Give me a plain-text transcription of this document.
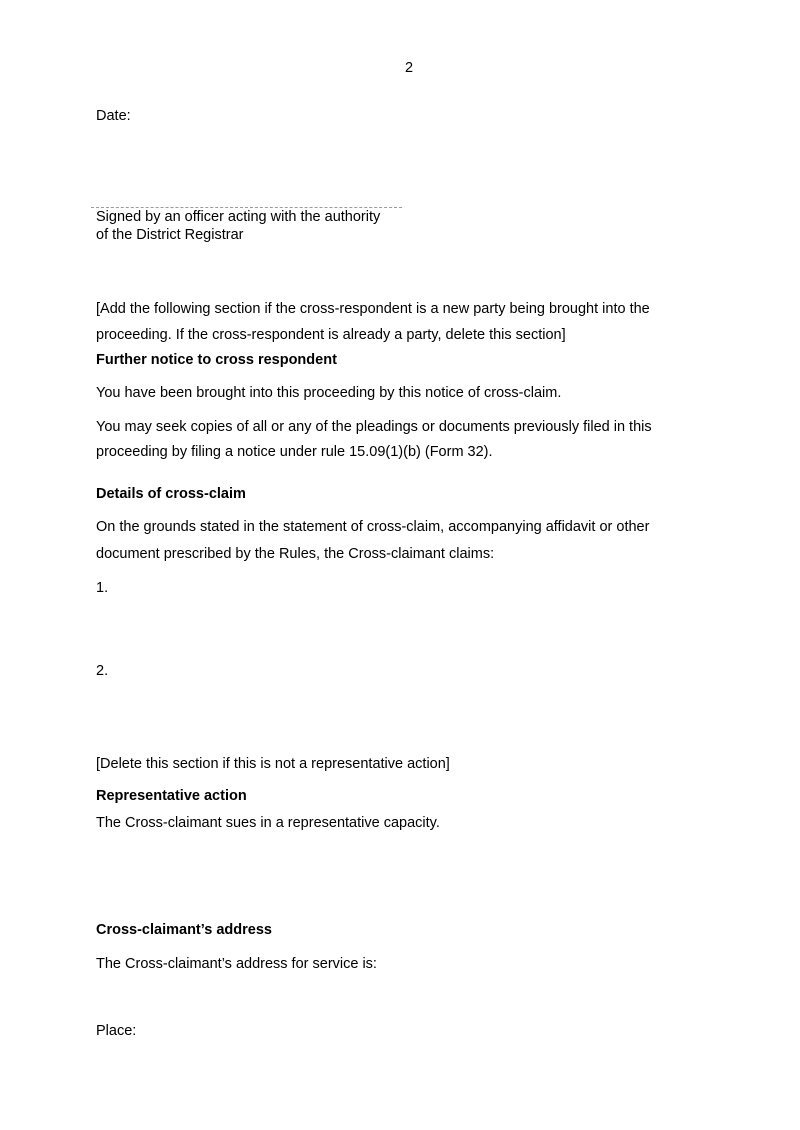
2
Date:
Signed by an officer acting with the authority
of the District Registrar
[Add the following section if the cross-respondent is a new party being brought into the
proceeding. If the cross-respondent is already a party, delete this section]
Further notice to cross respondent
You have been brought into this proceeding by this notice of cross-claim.
You may seek copies of all or any of the pleadings or documents previously filed in this
proceeding by filing a notice under rule 15.09(1)(b) (Form 32).
Details of cross-claim
On the grounds stated in the statement of cross-claim, accompanying affidavit or other
document prescribed by the Rules, the Cross-claimant claims:
1.
2.
[Delete this section if this is not a representative action]
Representative action
The Cross-claimant sues in a representative capacity.
Cross-claimant’s address
The Cross-claimant’s address for service is:
Place:
